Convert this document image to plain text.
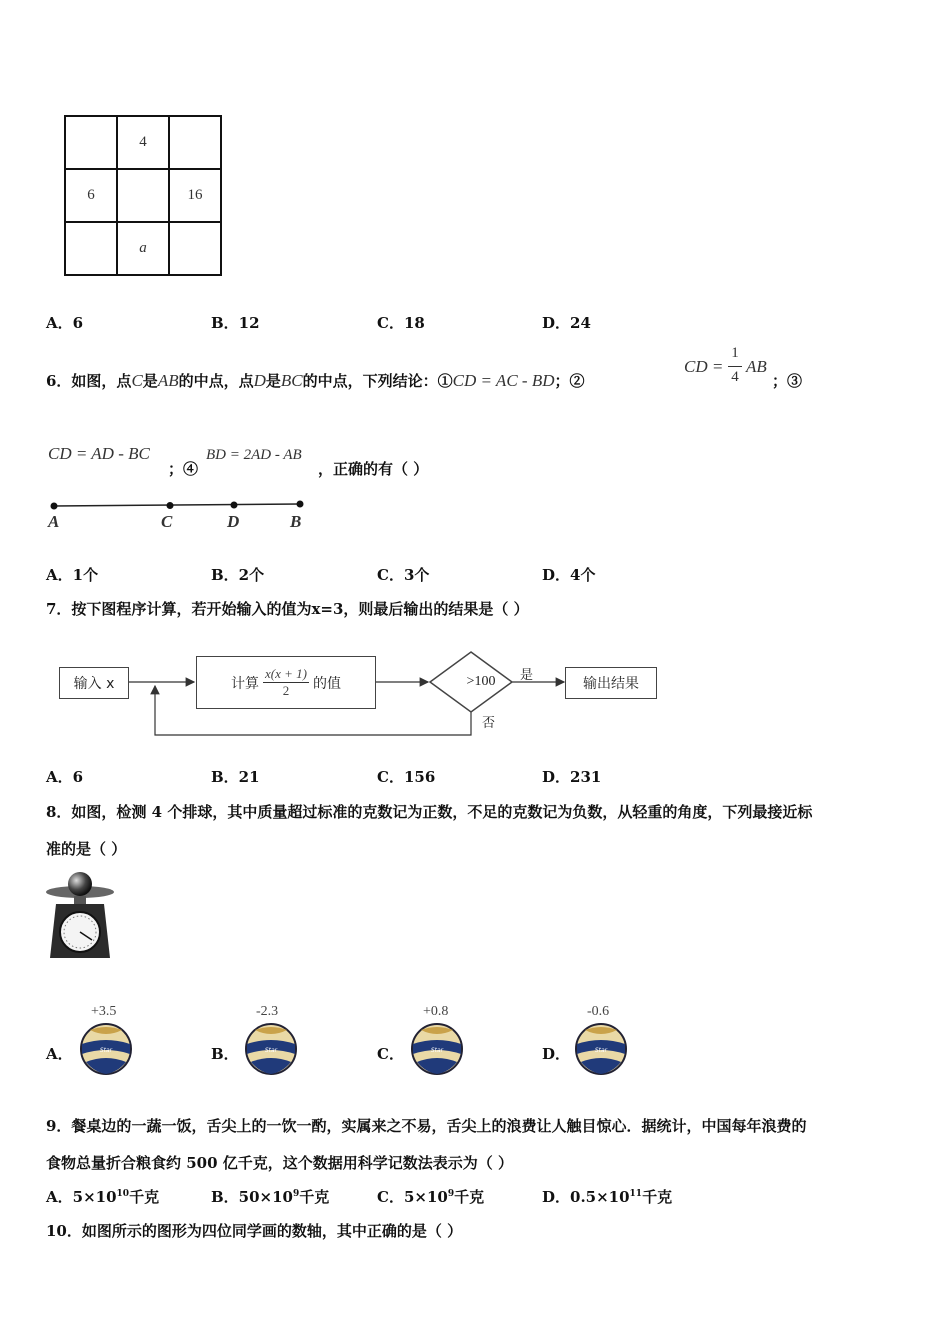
	4	
6		16
	a	
A．6	B．12	C．18	D．24
6．如图，点C是AB的中点，点D是BC的中点，下列结论：①CD = AC - BD；②
CD =
1
4
AB
；③
CD = AD - BC
；④
BD = 2AD - AB
，正确的有（ ）
A	C	D	B
A．1个	B．2个	C．3个	D．4个
7．按下图程序计算，若开始输入的值为x=3，则最后输出的结果是（ ）
输入 x	计算 $\frac{x(x + 1)}{2}$ 的值	>100	是
否
输出结果
A．6	B．21	C．156	D．231
8．如图，检测 4 个排球，其中质量超过标准的克数记为正数，不足的克数记为负数，从轻重的角度，下列最接近标
准的是（ ）
A．
+3.5
B．
-2.3
C．
+0.8
D．
-0.6
Star	Star	Star	Star
9．餐桌边的一蔬一饭，舌尖上的一饮一酌，实属来之不易，舌尖上的浪费让人触目惊心．据统计，中国每年浪费的
食物总量折合粮食约 500 亿千克，这个数据用科学记数法表示为（ ）
A．$5\times 10^{10}$千克	B．$50\times 10^9$千克	C．$5\times 10^9$千克	D．$0.5\times 10^{11}$千克
10．如图所示的图形为四位同学画的数轴，其中正确的是（ ）
